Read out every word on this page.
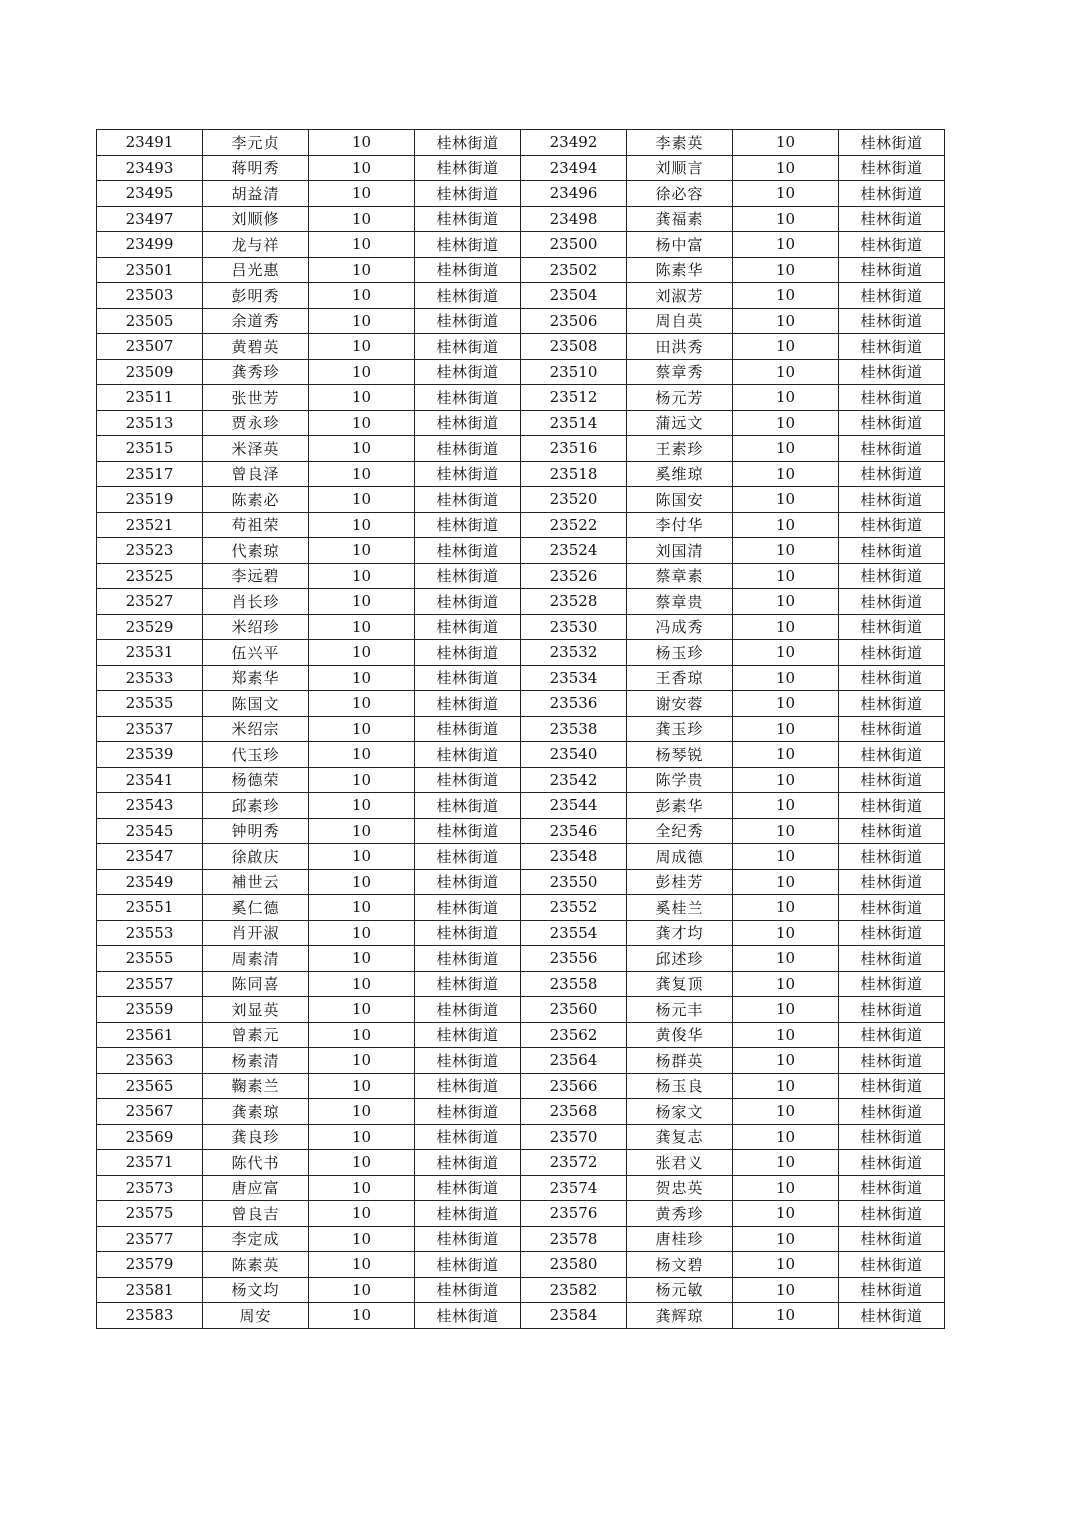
23491	李元贞	10	桂林街道	23492	李素英	10	桂林街道
23493	蒋明秀	10	桂林街道	23494	刘顺言	10	桂林街道
23495	胡益清	10	桂林街道	23496	徐必容	10	桂林街道
23497	刘顺修	10	桂林街道	23498	龚福素	10	桂林街道
23499	龙与祥	10	桂林街道	23500	杨中富	10	桂林街道
23501	吕光惠	10	桂林街道	23502	陈素华	10	桂林街道
23503	彭明秀	10	桂林街道	23504	刘淑芳	10	桂林街道
23505	余道秀	10	桂林街道	23506	周自英	10	桂林街道
23507	黄碧英	10	桂林街道	23508	田洪秀	10	桂林街道
23509	龚秀珍	10	桂林街道	23510	蔡章秀	10	桂林街道
23511	张世芳	10	桂林街道	23512	杨元芳	10	桂林街道
23513	贾永珍	10	桂林街道	23514	蒲远文	10	桂林街道
23515	米泽英	10	桂林街道	23516	王素珍	10	桂林街道
23517	曾良泽	10	桂林街道	23518	奚维琼	10	桂林街道
23519	陈素必	10	桂林街道	23520	陈国安	10	桂林街道
23521	苟祖荣	10	桂林街道	23522	李付华	10	桂林街道
23523	代素琼	10	桂林街道	23524	刘国清	10	桂林街道
23525	李远碧	10	桂林街道	23526	蔡章素	10	桂林街道
23527	肖长珍	10	桂林街道	23528	蔡章贵	10	桂林街道
23529	米绍珍	10	桂林街道	23530	冯成秀	10	桂林街道
23531	伍兴平	10	桂林街道	23532	杨玉珍	10	桂林街道
23533	郑素华	10	桂林街道	23534	王香琼	10	桂林街道
23535	陈国文	10	桂林街道	23536	谢安蓉	10	桂林街道
23537	米绍宗	10	桂林街道	23538	龚玉珍	10	桂林街道
23539	代玉珍	10	桂林街道	23540	杨琴锐	10	桂林街道
23541	杨德荣	10	桂林街道	23542	陈学贵	10	桂林街道
23543	邱素珍	10	桂林街道	23544	彭素华	10	桂林街道
23545	钟明秀	10	桂林街道	23546	全纪秀	10	桂林街道
23547	徐啟庆	10	桂林街道	23548	周成德	10	桂林街道
23549	補世云	10	桂林街道	23550	彭桂芳	10	桂林街道
23551	奚仁德	10	桂林街道	23552	奚桂兰	10	桂林街道
23553	肖开淑	10	桂林街道	23554	龚才均	10	桂林街道
23555	周素清	10	桂林街道	23556	邱述珍	10	桂林街道
23557	陈同喜	10	桂林街道	23558	龚复顶	10	桂林街道
23559	刘显英	10	桂林街道	23560	杨元丰	10	桂林街道
23561	曾素元	10	桂林街道	23562	黄俊华	10	桂林街道
23563	杨素清	10	桂林街道	23564	杨群英	10	桂林街道
23565	鞠素兰	10	桂林街道	23566	杨玉良	10	桂林街道
23567	龚素琼	10	桂林街道	23568	杨家文	10	桂林街道
23569	龚良珍	10	桂林街道	23570	龚复志	10	桂林街道
23571	陈代书	10	桂林街道	23572	张君义	10	桂林街道
23573	唐应富	10	桂林街道	23574	贺忠英	10	桂林街道
23575	曾良吉	10	桂林街道	23576	黄秀珍	10	桂林街道
23577	李定成	10	桂林街道	23578	唐桂珍	10	桂林街道
23579	陈素英	10	桂林街道	23580	杨文碧	10	桂林街道
23581	杨文均	10	桂林街道	23582	杨元敏	10	桂林街道
23583	周安	10	桂林街道	23584	龚辉琼	10	桂林街道
